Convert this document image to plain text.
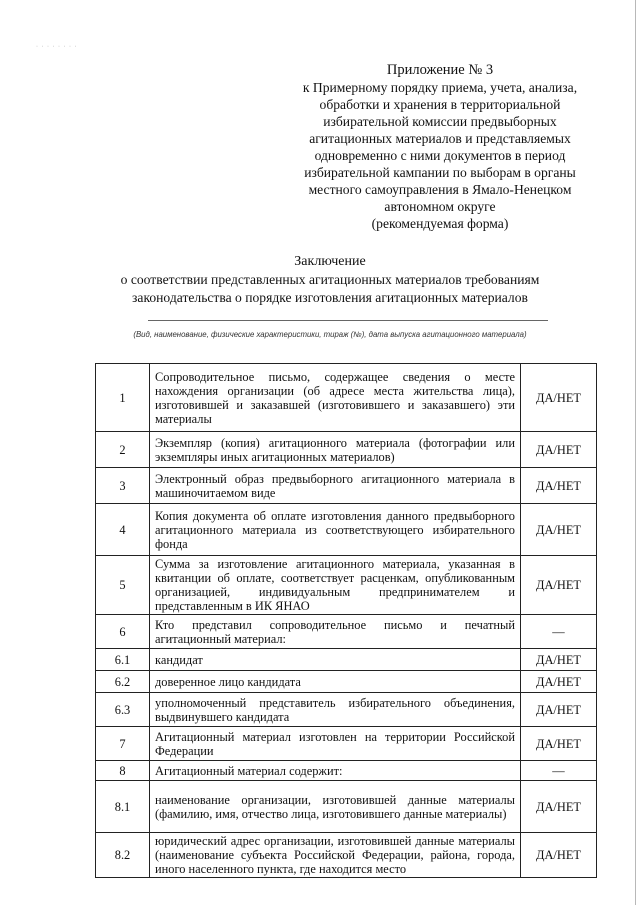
· · · · · · · ·
Приложение № 3
к Примерному порядку приема, учета, анализа,
обработки и хранения в территориальной
избирательной комиссии предвыборных
агитационных материалов и представляемых
одновременно с ними документов в период
избирательной кампании по выборам в органы
местного самоуправления в Ямало-Ненецком
автономном округе
(рекомендуемая форма)
Заключение
о соответствии представленных агитационных материалов требованиям
законодательства о порядке изготовления агитационных материалов
(Вид, наименование, физические характеристики, тираж (№), дата выпуска агитационного материала)
1	Сопроводительное письмо, содержащее сведения о месте нахождения организации (об адресе места жительства лица), изготовившей и заказавшей (изготовившего и заказавшего) эти материалы	ДА/НЕТ
2	Экземпляр (копия) агитационного материала (фотографии или экземпляры иных агитационных материалов)	ДА/НЕТ
3	Электронный образ предвыборного агитационного материала в машиночитаемом виде	ДА/НЕТ
4	Копия документа об оплате изготовления данного предвыборного агитационного материала из соответствующего избирательного фонда	ДА/НЕТ
5	Сумма за изготовление агитационного материала, указанная в квитанции об оплате, соответствует расценкам, опубликованным организацией, индивидуальным предпринимателем и представленным в ИК ЯНАО	ДА/НЕТ
6	Кто представил сопроводительное письмо и печатный агитационный материал:	—
6.1	кандидат	ДА/НЕТ
6.2	доверенное лицо кандидата	ДА/НЕТ
6.3	уполномоченный представитель избирательного объединения, выдвинувшего кандидата	ДА/НЕТ
7	Агитационный материал изготовлен на территории Российской Федерации	ДА/НЕТ
8	Агитационный материал содержит:	—
8.1	наименование организации, изготовившей данные материалы (фамилию, имя, отчество лица, изготовившего данные материалы)	ДА/НЕТ
8.2	юридический адрес организации, изготовившей данные материалы (наименование субъекта Российской Федерации, района, города, иного населенного пункта, где находится место	ДА/НЕТ
